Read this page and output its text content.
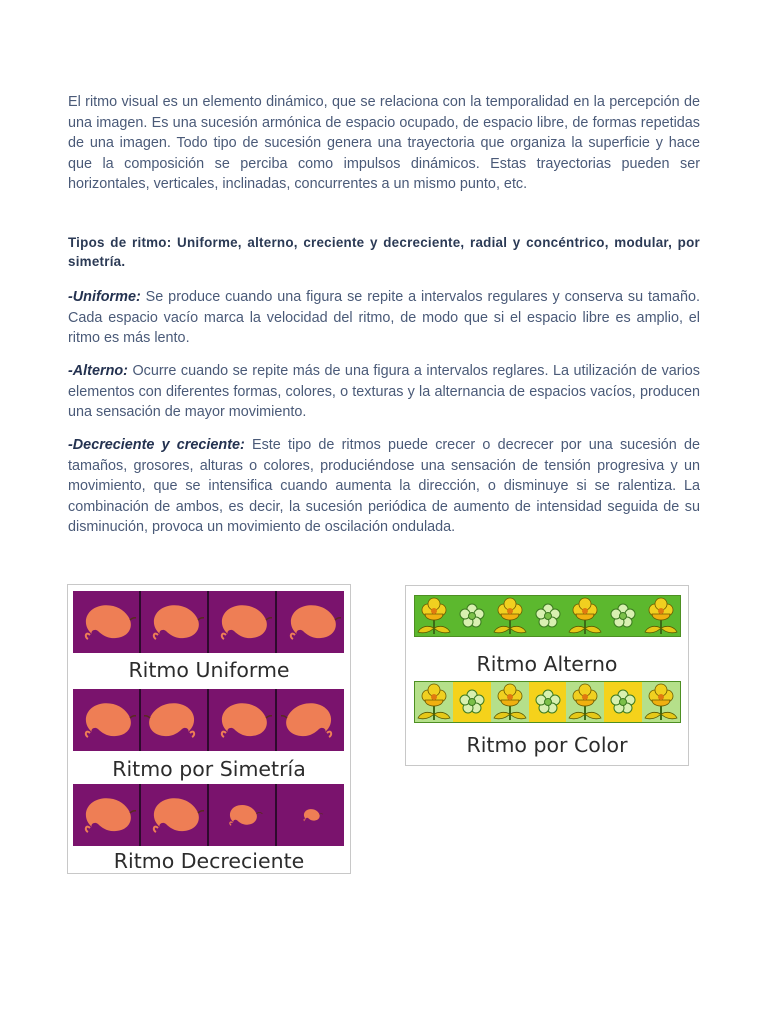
El ritmo visual es un elemento dinámico, que se relaciona con la temporalidad en la percepción de una imagen. Es una sucesión armónica de espacio ocupado, de espacio libre, de formas repetidas de una imagen. Todo tipo de sucesión genera una trayectoria que organiza la superficie y hace que la composición se perciba como impulsos dinámicos. Estas trayectorias pueden ser horizontales, verticales, inclinadas, concurrentes a un mismo punto, etc.

Tipos de ritmo: Uniforme, alterno, creciente y decreciente, radial y concéntrico, modular, por simetría.

-Uniforme: Se produce cuando una figura se repite a intervalos regulares y conserva su tamaño. Cada espacio vacío marca la velocidad del ritmo, de modo que si el espacio libre es amplio, el ritmo es más lento.

-Alterno: Ocurre cuando se repite más de una figura a intervalos reglares. La utilización de varios elementos con diferentes formas, colores, o texturas y la alternancia de espacios vacíos, producen una sensación de mayor movimiento.

-Decreciente y creciente: Este tipo de ritmos puede crecer o decrecer por una sucesión de tamaños, grosores, alturas o colores, produciéndose una sensación de tensión progresiva y un movimiento, que se intensifica cuando aumenta la dirección, o disminuye si se ralentiza. La combinación de ambos, es decir, la sucesión periódica de aumento de intensidad seguida de su disminución, provoca un movimiento de oscilación ondulada.

Ritmo Uniforme
Ritmo por Simetría
Ritmo Decreciente
Ritmo Alterno
Ritmo por Color
